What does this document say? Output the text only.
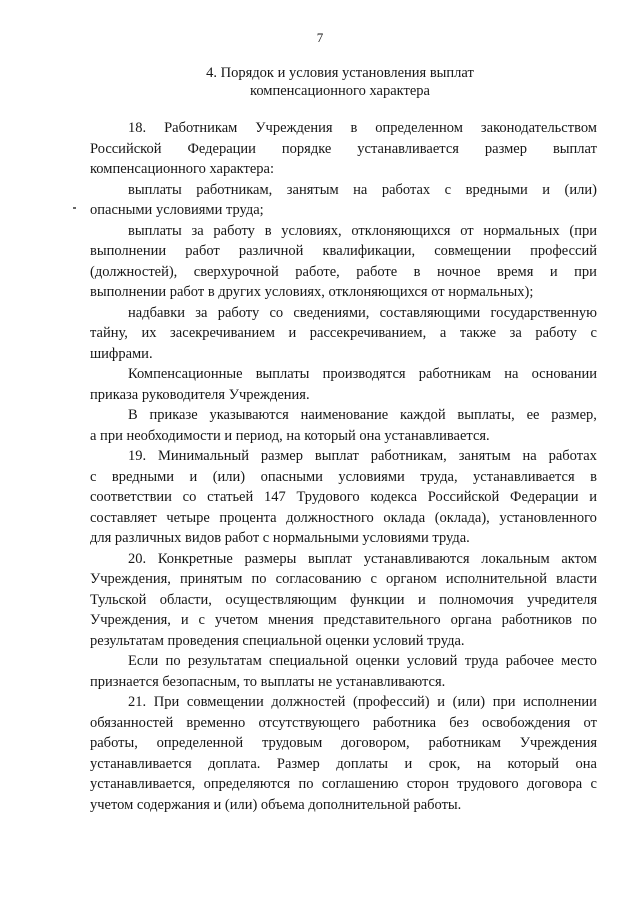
7
4. Порядок и условия установления выплат
компенсационного характера
18. Работникам Учреждения в определенном законодательством
Российской Федерации порядке устанавливается размер выплат
компенсационного характера:
выплаты работникам, занятым на работах с вредными и (или)
опасными условиями труда;
выплаты за работу в условиях, отклоняющихся от нормальных (при
выполнении работ различной квалификации, совмещении профессий
(должностей), сверхурочной работе, работе в ночное время и при
выполнении работ в других условиях, отклоняющихся от нормальных);
надбавки за работу со сведениями, составляющими государственную
тайну, их засекречиванием и рассекречиванием, а также за работу с
шифрами.
Компенсационные выплаты производятся работникам на основании
приказа руководителя Учреждения.
В приказе указываются наименование каждой выплаты, ее размер,
а при необходимости и период, на который она устанавливается.
19. Минимальный размер выплат работникам, занятым на работах
с вредными и (или) опасными условиями труда, устанавливается в
соответствии со статьей 147 Трудового кодекса Российской Федерации и
составляет четыре процента должностного оклада (оклада), установленного
для различных видов работ с нормальными условиями труда.
20. Конкретные размеры выплат устанавливаются локальным актом
Учреждения, принятым по согласованию с органом исполнительной власти
Тульской области, осуществляющим функции и полномочия учредителя
Учреждения, и с учетом мнения представительного органа работников по
результатам проведения специальной оценки условий труда.
Если по результатам специальной оценки условий труда рабочее место
признается безопасным, то выплаты не устанавливаются.
21. При совмещении должностей (профессий) и (или) при исполнении
обязанностей временно отсутствующего работника без освобождения от
работы, определенной трудовым договором, работникам Учреждения
устанавливается доплата. Размер доплаты и срок, на который она
устанавливается, определяются по соглашению сторон трудового договора с
учетом содержания и (или) объема дополнительной работы.
